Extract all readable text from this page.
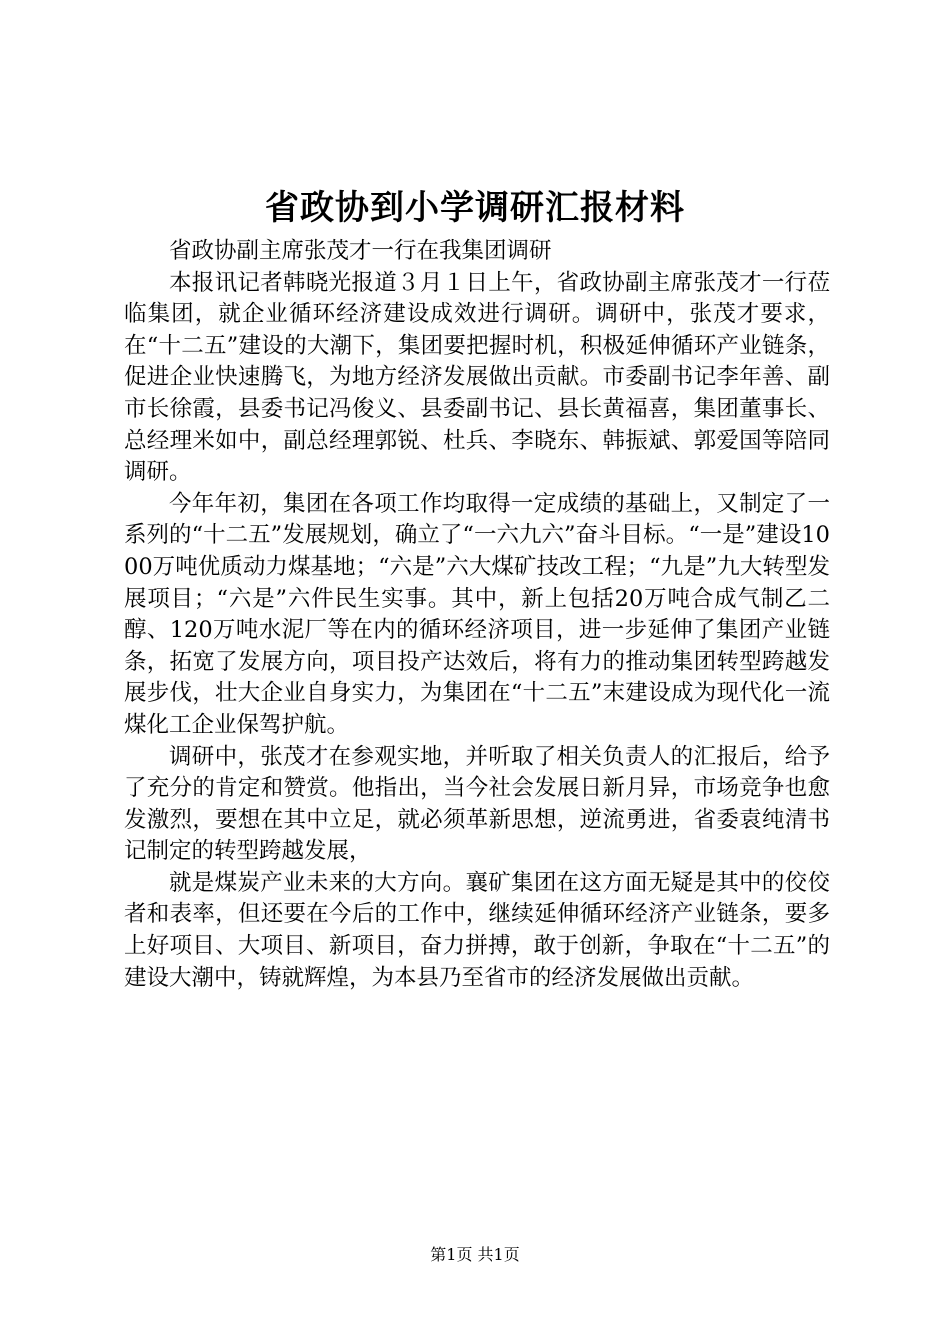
省政协到小学调研汇报材料

省政协副主席张茂才一行在我集团调研

本报讯记者韩晓光报道３月１日上午，省政协副主席张茂才一行莅临集团，就企业循环经济建设成效进行调研。调研中，张茂才要求，在“十二五”建设的大潮下，集团要把握时机，积极延伸循环产业链条，促进企业快速腾飞，为地方经济发展做出贡献。市委副书记李年善、副市长徐霞，县委书记冯俊义、县委副书记、县长黄福喜，集团董事长、总经理米如中，副总经理郭锐、杜兵、李晓东、韩振斌、郭爱国等陪同调研。

今年年初，集团在各项工作均取得一定成绩的基础上，又制定了一系列的“十二五”发展规划，确立了“一六九六”奋斗目标。“一是”建设1000万吨优质动力煤基地；“六是”六大煤矿技改工程；“九是”九大转型发展项目；“六是”六件民生实事。其中，新上包括20万吨合成气制乙二醇、120万吨水泥厂等在内的循环经济项目，进一步延伸了集团产业链条，拓宽了发展方向，项目投产达效后，将有力的推动集团转型跨越发展步伐，壮大企业自身实力，为集团在“十二五”末建设成为现代化一流煤化工企业保驾护航。

调研中，张茂才在参观实地，并听取了相关负责人的汇报后，给予了充分的肯定和赞赏。他指出，当今社会发展日新月异，市场竞争也愈发激烈，要想在其中立足，就必须革新思想，逆流勇进，省委袁纯清书记制定的转型跨越发展，

就是煤炭产业未来的大方向。襄矿集团在这方面无疑是其中的佼佼者和表率，但还要在今后的工作中，继续延伸循环经济产业链条，要多上好项目、大项目、新项目，奋力拼搏，敢于创新，争取在“十二五”的建设大潮中，铸就辉煌，为本县乃至省市的经济发展做出贡献。

第1页 共1页
